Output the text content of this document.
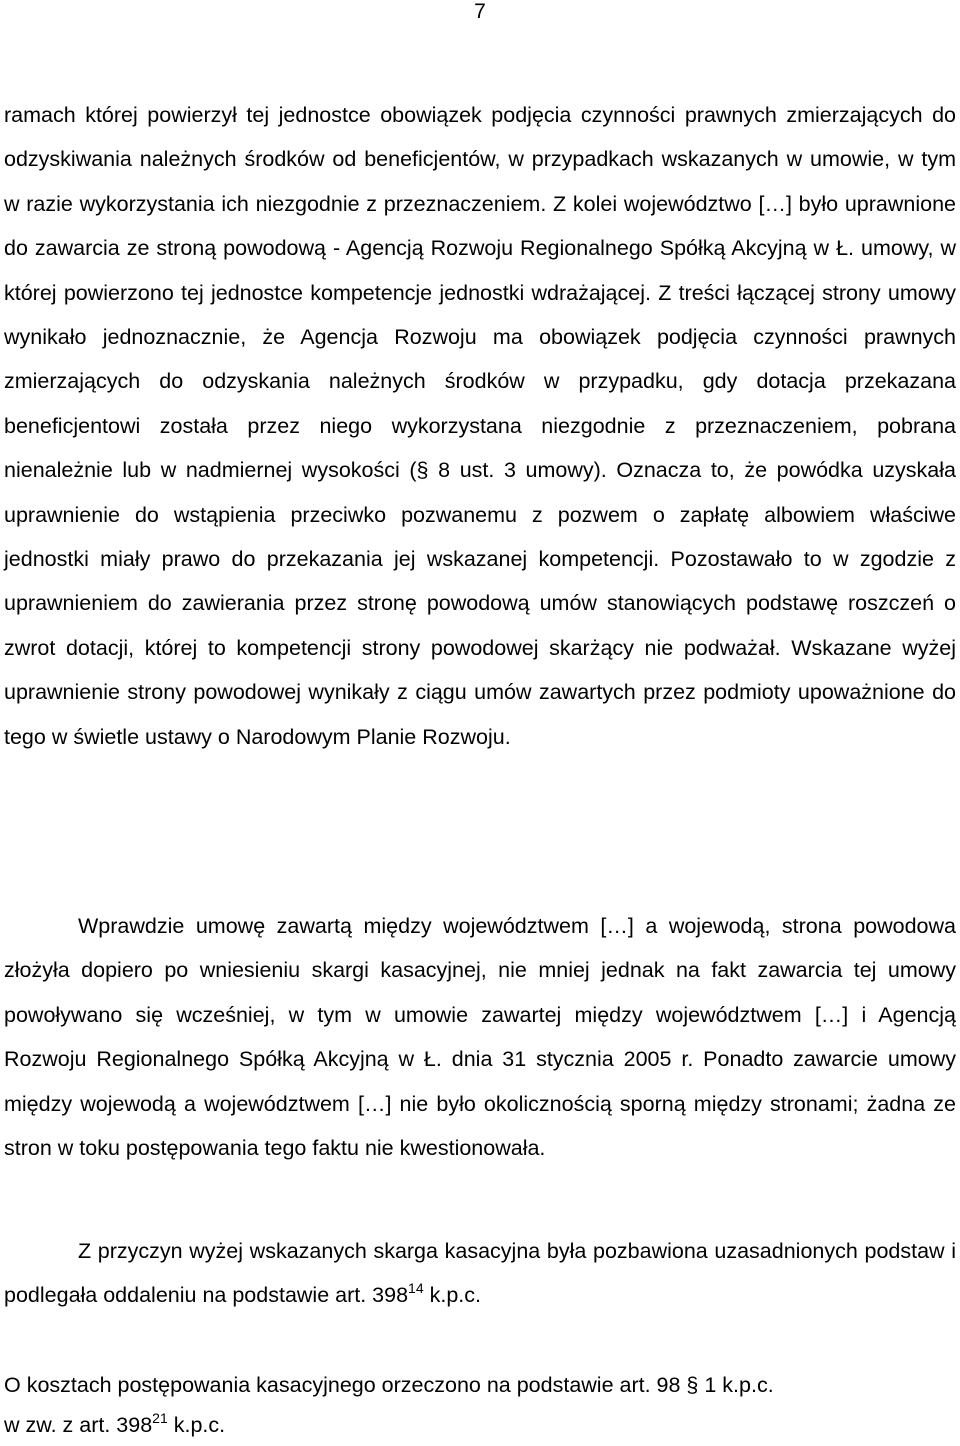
7

ramach której powierzył tej jednostce obowiązek podjęcia czynności prawnych zmierzających do odzyskiwania należnych środków od beneficjentów, w przypadkach wskazanych w umowie, w tym w razie wykorzystania ich niezgodnie z przeznaczeniem. Z kolei województwo […] było uprawnione do zawarcia ze stroną powodową - Agencją Rozwoju Regionalnego Spółką Akcyjną w Ł. umowy, w której powierzono tej jednostce kompetencje jednostki wdrażającej. Z treści łączącej strony umowy wynikało jednoznacznie, że Agencja Rozwoju ma obowiązek podjęcia czynności prawnych zmierzających do odzyskania należnych środków w przypadku, gdy dotacja przekazana beneficjentowi została przez niego wykorzystana niezgodnie z przeznaczeniem, pobrana nienależnie lub w nadmiernej wysokości (§ 8 ust. 3 umowy). Oznacza to, że powódka uzyskała uprawnienie do wstąpienia przeciwko pozwanemu z pozwem o zapłatę albowiem właściwe jednostki miały prawo do przekazania jej wskazanej kompetencji. Pozostawało to w zgodzie z uprawnieniem do zawierania przez stronę powodową umów stanowiących podstawę roszczeń o zwrot dotacji, której to kompetencji strony powodowej skarżący nie podważał. Wskazane wyżej uprawnienie strony powodowej wynikały z ciągu umów zawartych przez podmioty upoważnione do tego w świetle ustawy o Narodowym Planie Rozwoju.

Wprawdzie umowę zawartą między województwem […] a wojewodą, strona powodowa złożyła dopiero po wniesieniu skargi kasacyjnej, nie mniej jednak na fakt zawarcia tej umowy powoływano się wcześniej, w tym w umowie zawartej między województwem […] i Agencją Rozwoju Regionalnego Spółką Akcyjną w Ł. dnia 31 stycznia 2005 r. Ponadto zawarcie umowy między wojewodą a województwem […] nie było okolicznością sporną między stronami; żadna ze stron w toku postępowania tego faktu nie kwestionowała.

Z przyczyn wyżej wskazanych skarga kasacyjna była pozbawiona uzasadnionych podstaw i podlegała oddaleniu na podstawie art. $398^{14}$ k.p.c.

O kosztach postępowania kasacyjnego orzeczono na podstawie art. 98 § 1 k.p.c.
w zw. z art. $398^{21}$ k.p.c.
